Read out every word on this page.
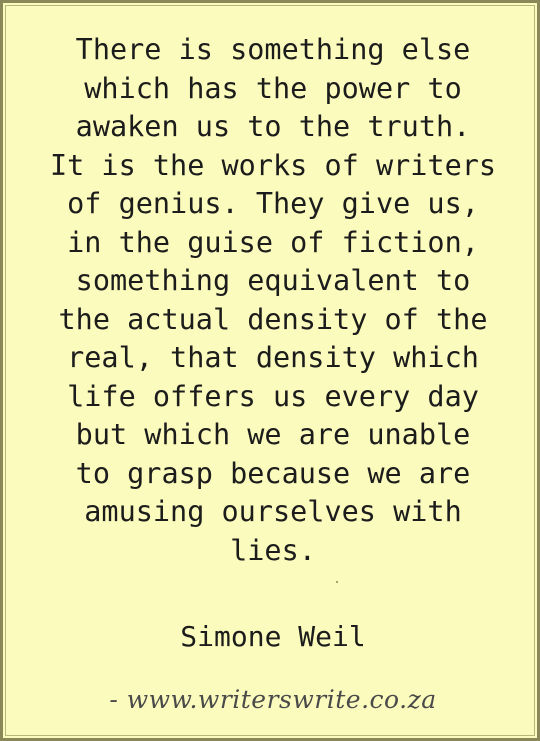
There is something else
which has the power to
awaken us to the truth.
It is the works of writers
of genius. They give us,
in the guise of fiction,
something equivalent to
the actual density of the
real, that density which
life offers us every day
but which we are unable
to grasp because we are
amusing ourselves with
lies.
Simone Weil
- www.writerswrite.co.za
